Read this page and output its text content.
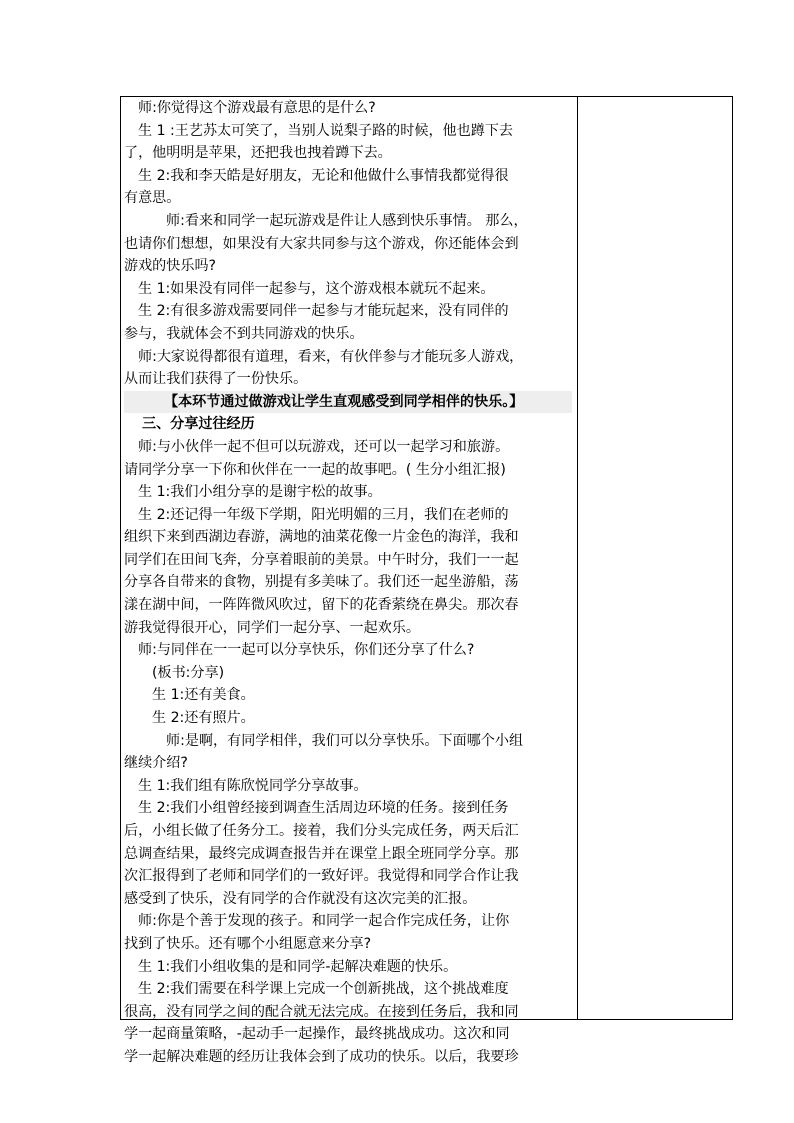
师:你觉得这个游戏最有意思的是什么?
生 1 :王艺苏太可笑了，当别人说梨子路的时候，他也蹲下去
了，他明明是苹果，还把我也拽着蹲下去。
生 2:我和李天皓是好朋友，无论和他做什么事情我都觉得很
有意思。
师:看来和同学一起玩游戏是件让人感到快乐事情。 那么，
也请你们想想，如果没有大家共同参与这个游戏，你还能体会到
游戏的快乐吗?
生 1:如果没有同伴一起参与，这个游戏根本就玩不起来。
生 2:有很多游戏需要同伴一起参与才能玩起来，没有同伴的
参与，我就体会不到共同游戏的快乐。
师:大家说得都很有道理，看来，有伙伴参与才能玩多人游戏，
从而让我们获得了一份快乐。
【本环节通过做游戏让学生直观感受到同学相伴的快乐。】
三、分享过往经历
师:与小伙伴一起不但可以玩游戏，还可以一起学习和旅游。
请同学分享一下你和伙伴在一一起的故事吧。( 生分小组汇报)
生 1:我们小组分享的是谢宇松的故事。
生 2:还记得一年级下学期，阳光明媚的三月，我们在老师的
组织下来到西湖边春游，满地的油菜花像一片金色的海洋，我和
同学们在田间飞奔，分享着眼前的美景。中午时分，我们一一起
分享各自带来的食物，别提有多美味了。我们还一起坐游船，荡
漾在湖中间，一阵阵微风吹过，留下的花香萦绕在鼻尖。那次春
游我觉得很开心，同学们一起分享、一起欢乐。
师:与同伴在一一起可以分享快乐，你们还分享了什么?
(板书:分享)
生 1:还有美食。
生 2:还有照片。
师:是啊，有同学相伴，我们可以分享快乐。下面哪个小组
继续介绍?
生 1:我们组有陈欣悦同学分享故事。
生 2:我们小组曾经接到调查生活周边环境的任务。接到任务
后，小组长做了任务分工。接着，我们分头完成任务，两天后汇
总调查结果，最终完成调查报告并在课堂上跟全班同学分享。那
次汇报得到了老师和同学们的一致好评。我觉得和同学合作让我
感受到了快乐，没有同学的合作就没有这次完美的汇报。
师:你是个善于发现的孩子。和同学一起合作完成任务，让你
找到了快乐。还有哪个小组愿意来分享?
生 1:我们小组收集的是和同学-起解决难题的快乐。
生 2:我们需要在科学课上完成一个创新挑战，这个挑战难度
很高，没有同学之间的配合就无法完成。在接到任务后，我和同
学一起商量策略，-起动手一起操作，最终挑战成功。这次和同
学一起解决难题的经历让我体会到了成功的快乐。以后，我要珍
